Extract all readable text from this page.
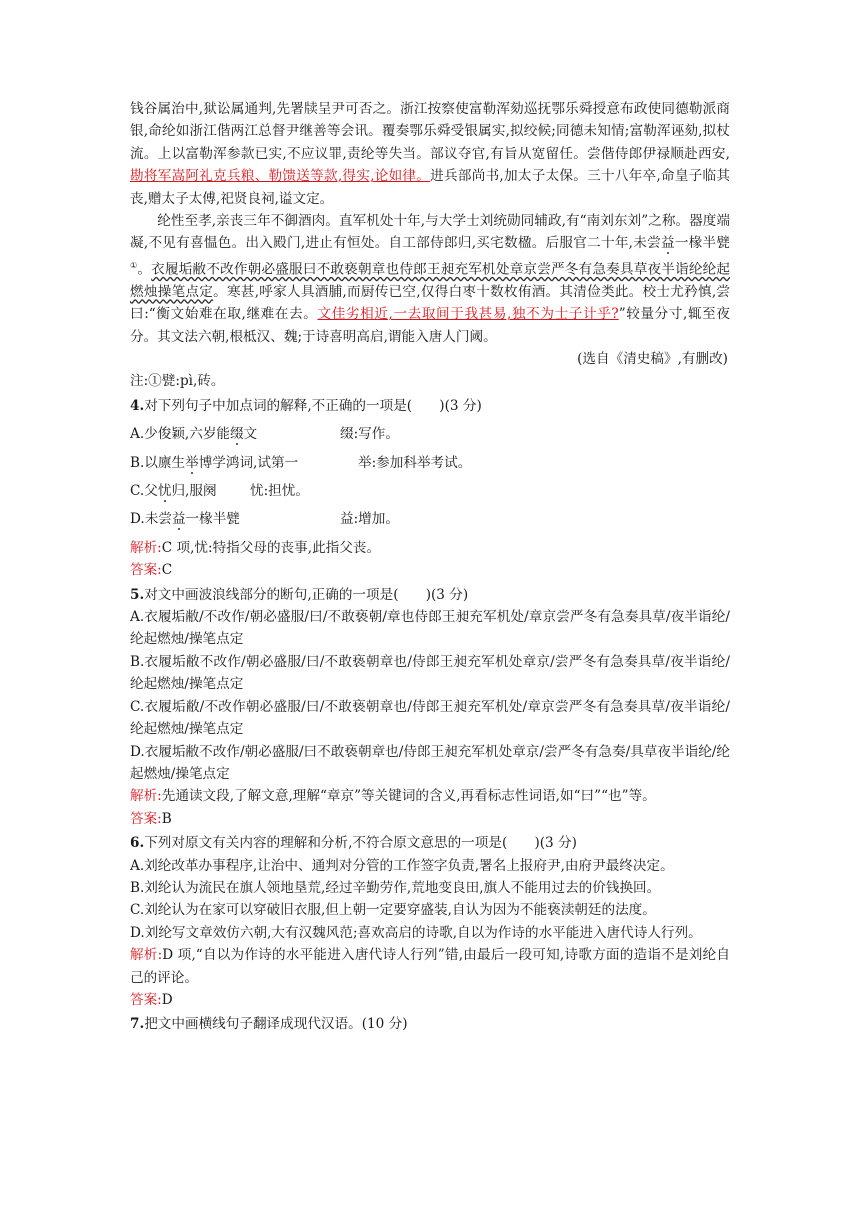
钱谷属治中,狱讼属通判,先署牍呈尹可否之。浙江按察使富勒浑劾巡抚鄂乐舜授意布政使同德勒派商银,命纶如浙江偕两江总督尹继善等会讯。覆奏鄂乐舜受银属实,拟绞候;同德未知情;富勒浑诬劾,拟杖流。上以富勒浑参款已实,不应议罪,责纶等失当。部议夺官,有旨从宽留任。尝偕侍郎伊禄顺赴西安,勘将军嵩阿礼克兵粮、勒馈送等款,得实,论如律。进兵部尚书,加太子太保。三十八年卒,命皇子临其丧,赠太子太傅,祀贤良祠,谥文定。

纶性至孝,亲丧三年不御酒肉。直军机处十年,与大学士刘统勋同辅政,有“南刘东刘”之称。器度端凝,不见有喜愠色。出入殿门,进止有恒处。自工部侍郎归,买宅数楹。后服官二十年,未尝益一椽半甓①。衣履垢敝不改作朝必盛服曰不敢亵朝章也侍郎王昶充军机处章京尝严冬有急奏具草夜半诣纶纶起燃烛操笔点定。寒甚,呼家人具酒脯,而厨传已空,仅得白枣十数枚侑酒。其清俭类此。校士尤矜慎,尝曰:“衡文始难在取,继难在去。文佳劣相近,一去取间于我甚易,独不为士子计乎?”较量分寸,辄至夜分。其文法六朝,根柢汉、魏;于诗喜明高启,谓能入唐人门阈。

(选自《清史稿》,有删改)

注:①甓:pì,砖。

4.对下列句子中加点词的解释,不正确的一项是(　　)(3 分)

A.少俊颖,六岁能缀文	缀:写作。
B.以廪生举博学鸿词,试第一	举:参加科举考试。
C.父忧归,服阕	忧:担忧。
D.未尝益一椽半甓	益:增加。

解析:C 项,忧:特指父母的丧事,此指父丧。

答案:C

5.对文中画波浪线部分的断句,正确的一项是(　　)(3 分)

A.衣履垢敝/不改作/朝必盛服/曰/不敢亵朝/章也侍郎王昶充军机处/章京尝严冬有急奏具草/夜半诣纶/纶起燃烛/操笔点定

B.衣履垢敝不改作/朝必盛服/曰/不敢亵朝章也/侍郎王昶充军机处章京/尝严冬有急奏具草/夜半诣纶/纶起燃烛/操笔点定

C.衣履垢敝/不改作朝必盛服/曰/不敢亵朝章也/侍郎王昶充军机处/章京尝严冬有急奏具草/夜半诣纶/纶起燃烛/操笔点定

D.衣履垢敝不改作/朝必盛服/曰不敢亵朝章也/侍郎王昶充军机处章京/尝严冬有急奏/具草夜半诣纶/纶起燃烛/操笔点定

解析:先通读文段,了解文意,理解“章京”等关键词的含义,再看标志性词语,如“曰”“也”等。

答案:B

6.下列对原文有关内容的理解和分析,不符合原文意思的一项是(　　)(3 分)

A.刘纶改革办事程序,让治中、通判对分管的工作签字负责,署名上报府尹,由府尹最终决定。

B.刘纶认为流民在旗人领地垦荒,经过辛勤劳作,荒地变良田,旗人不能用过去的价钱换回。

C.刘纶认为在家可以穿破旧衣服,但上朝一定要穿盛装,自认为因为不能亵渎朝廷的法度。

D.刘纶写文章效仿六朝,大有汉魏风范;喜欢高启的诗歌,自以为作诗的水平能进入唐代诗人行列。

解析:D 项,“自以为作诗的水平能进入唐代诗人行列”错,由最后一段可知,诗歌方面的造诣不是刘纶自己的评论。

答案:D

7.把文中画横线句子翻译成现代汉语。(10 分)
